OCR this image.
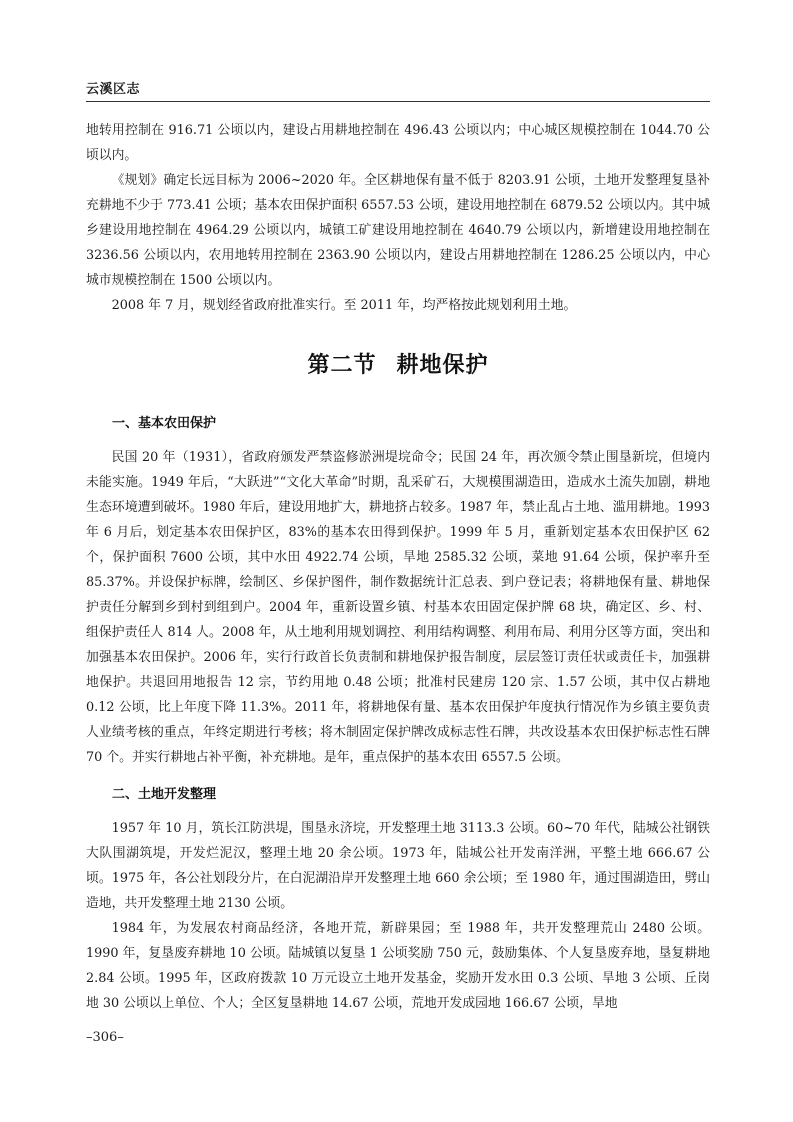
云溪区志

地转用控制在 916.71 公顷以内，建设占用耕地控制在 496.43 公顷以内；中心城区规模控制在 1044.70 公顷以内。

《规划》确定长远目标为 2006~2020 年。全区耕地保有量不低于 8203.91 公顷，土地开发整理复垦补充耕地不少于 773.41 公顷；基本农田保护面积 6557.53 公顷，建设用地控制在 6879.52 公顷以内。其中城乡建设用地控制在 4964.29 公顷以内，城镇工矿建设用地控制在 4640.79 公顷以内，新增建设用地控制在 3236.56 公顷以内，农用地转用控制在 2363.90 公顷以内，建设占用耕地控制在 1286.25 公顷以内，中心城市规模控制在 1500 公顷以内。

2008 年 7 月，规划经省政府批准实行。至 2011 年，均严格按此规划利用土地。

第二节 耕地保护
一、基本农田保护

民国 20 年（1931），省政府颁发严禁盗修淤洲堤垸命令；民国 24 年，再次颁令禁止围垦新垸，但境内未能实施。1949 年后，“大跃进”“文化大革命”时期，乱采矿石，大规模围湖造田，造成水土流失加剧，耕地生态环境遭到破坏。1980 年后，建设用地扩大，耕地挤占较多。1987 年，禁止乱占土地、滥用耕地。1993 年 6 月后，划定基本农田保护区，83%的基本农田得到保护。1999 年 5 月，重新划定基本农田保护区 62 个，保护面积 7600 公顷，其中水田 4922.74 公顷，旱地 2585.32 公顷，菜地 91.64 公顷，保护率升至 85.37%。并设保护标牌，绘制区、乡保护图件，制作数据统计汇总表、到户登记表；将耕地保有量、耕地保护责任分解到乡到村到组到户。2004 年，重新设置乡镇、村基本农田固定保护牌 68 块，确定区、乡、村、组保护责任人 814 人。2008 年，从土地利用规划调控、利用结构调整、利用布局、利用分区等方面，突出和加强基本农田保护。2006 年，实行行政首长负责制和耕地保护报告制度，层层签订责任状或责任卡，加强耕地保护。共退回用地报告 12 宗，节约用地 0.48 公顷；批准村民建房 120 宗、1.57 公顷，其中仅占耕地 0.12 公顷，比上年度下降 11.3%。2011 年，将耕地保有量、基本农田保护年度执行情况作为乡镇主要负责人业绩考核的重点，年终定期进行考核；将木制固定保护牌改成标志性石牌，共改设基本农田保护标志性石牌 70 个。并实行耕地占补平衡，补充耕地。是年，重点保护的基本农田 6557.5 公顷。

二、土地开发整理

1957 年 10 月，筑长江防洪堤，围垦永济垸，开发整理土地 3113.3 公顷。60~70 年代，陆城公社钢铁大队围湖筑堤，开发烂泥汉，整理土地 20 余公顷。1973 年，陆城公社开发南洋洲，平整土地 666.67 公顷。1975 年，各公社划段分片，在白泥湖沿岸开发整理土地 660 余公顷；至 1980 年，通过围湖造田，劈山造地，共开发整理土地 2130 公顷。

1984 年，为发展农村商品经济，各地开荒，新辟果园；至 1988 年，共开发整理荒山 2480 公顷。1990 年，复垦废弃耕地 10 公顷。陆城镇以复垦 1 公顷奖励 750 元，鼓励集体、个人复垦废弃地，垦复耕地 2.84 公顷。1995 年，区政府拨款 10 万元设立土地开发基金，奖励开发水田 0.3 公顷、旱地 3 公顷、丘岗地 30 公顷以上单位、个人；全区复垦耕地 14.67 公顷，荒地开发成园地 166.67 公顷，旱地

–306–
